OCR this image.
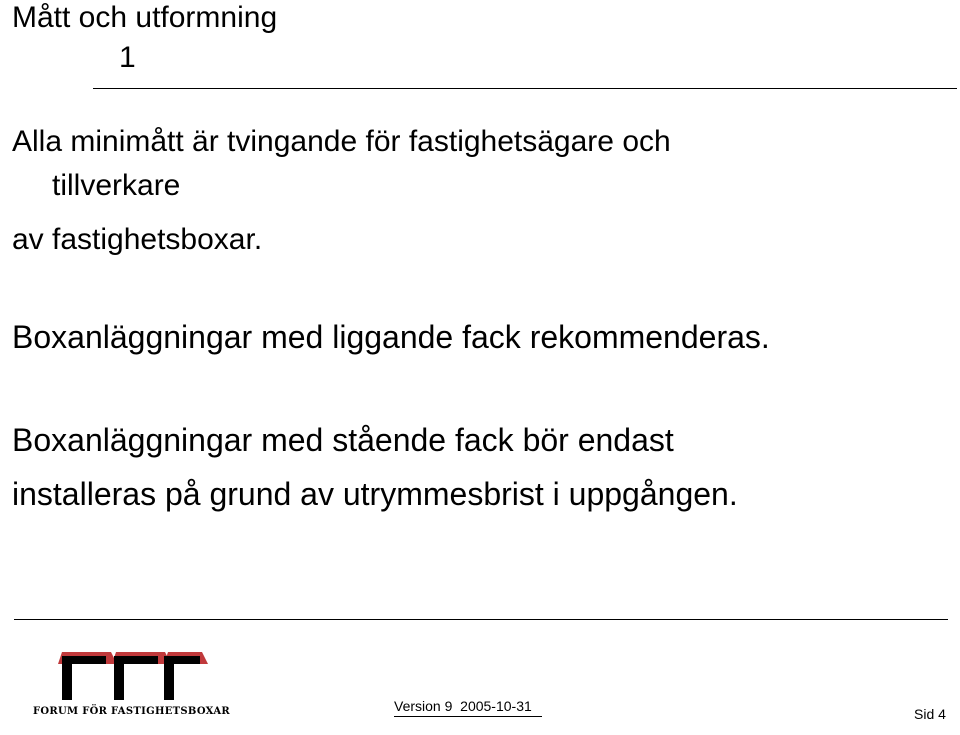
Mått och utformning
1
Alla minimått är tvingande för fastighetsägare och
tillverkare
av fastighetsboxar.
Boxanläggningar med liggande fack rekommenderas.
Boxanläggningar med stående fack bör endast
installeras på grund av utrymmesbrist i uppgången.
FORUM FÖR FASTIGHETSBOXAR	Version 9 2005-10-31	Sid 4
